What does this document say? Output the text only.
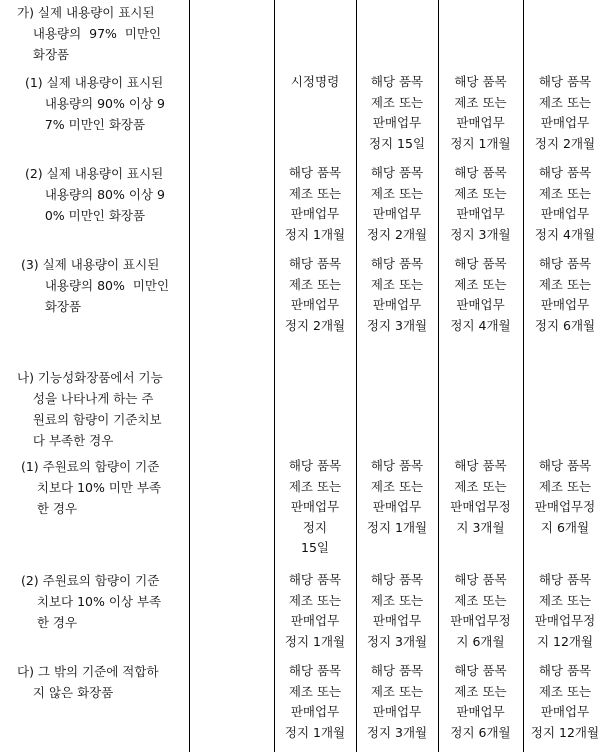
가) 실제 내용량이 표시된
내용량의  97%  미만인
화장품
(1) 실제 내용량이 표시된
내용량의 90% 이상 9
7% 미만인 화장품
시정명령	해당 품목
제조 또는
판매업무
정지 15일
해당 품목
제조 또는
판매업무
정지 1개월
해당 품목
제조 또는
판매업무
정지 2개월
(2) 실제 내용량이 표시된
내용량의 80% 이상 9
0% 미만인 화장품
해당 품목
제조 또는
판매업무
정지 1개월
해당 품목
제조 또는
판매업무
정지 2개월
해당 품목
제조 또는
판매업무
정지 3개월
해당 품목
제조 또는
판매업무
정지 4개월
(3) 실제 내용량이 표시된
내용량의 80%  미만인
화장품
해당 품목
제조 또는
판매업무
정지 2개월
해당 품목
제조 또는
판매업무
정지 3개월
해당 품목
제조 또는
판매업무
정지 4개월
해당 품목
제조 또는
판매업무
정지 6개월
나) 기능성화장품에서 기능
성을 나타나게 하는 주
원료의 함량이 기준치보
다 부족한 경우
(1) 주원료의 함량이 기준
치보다 10% 미만 부족
한 경우
해당 품목
제조 또는
판매업무
정지
15일
해당 품목
제조 또는
판매업무
정지 1개월
해당 품목
제조 또는
판매업무정
지 3개월
해당 품목
제조 또는
판매업무정
지 6개월
(2) 주원료의 함량이 기준
치보다 10% 이상 부족
한 경우
해당 품목
제조 또는
판매업무
정지 1개월
해당 품목
제조 또는
판매업무
정지 3개월
해당 품목
제조 또는
판매업무정
지 6개월
해당 품목
제조 또는
판매업무정
지 12개월
다) 그 밖의 기준에 적합하
지 않은 화장품
해당 품목
제조 또는
판매업무
정지 1개월
해당 품목
제조 또는
판매업무
정지 3개월
해당 품목
제조 또는
판매업무
정지 6개월
해당 품목
제조 또는
판매업무
정지 12개월
